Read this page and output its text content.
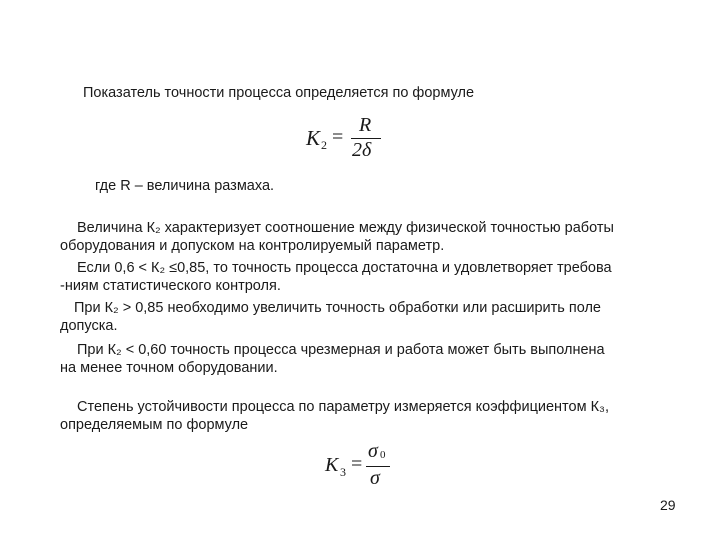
Показатель точности процесса определяется по формуле
K 2 =
R
2δ
где R – величина размаха.
Величина К₂ характеризует соотношение между физической точностью работы
оборудования и допуском на контролируемый параметр.
Если 0,6 < К₂ ≤0,85, то точность процесса достаточна и удовлетворяет требова
-ниям статистического контроля.
При К₂ > 0,85 необходимо увеличить точность обработки или расширить поле
допуска.
При К₂ < 0,60 точность процесса чрезмерная и работа может быть выполнена
на менее точном оборудовании.
Степень устойчивости процесса по параметру измеряется коэффициентом К₃,
определяемым по формуле
K 3 =
σ 0
σ
29
